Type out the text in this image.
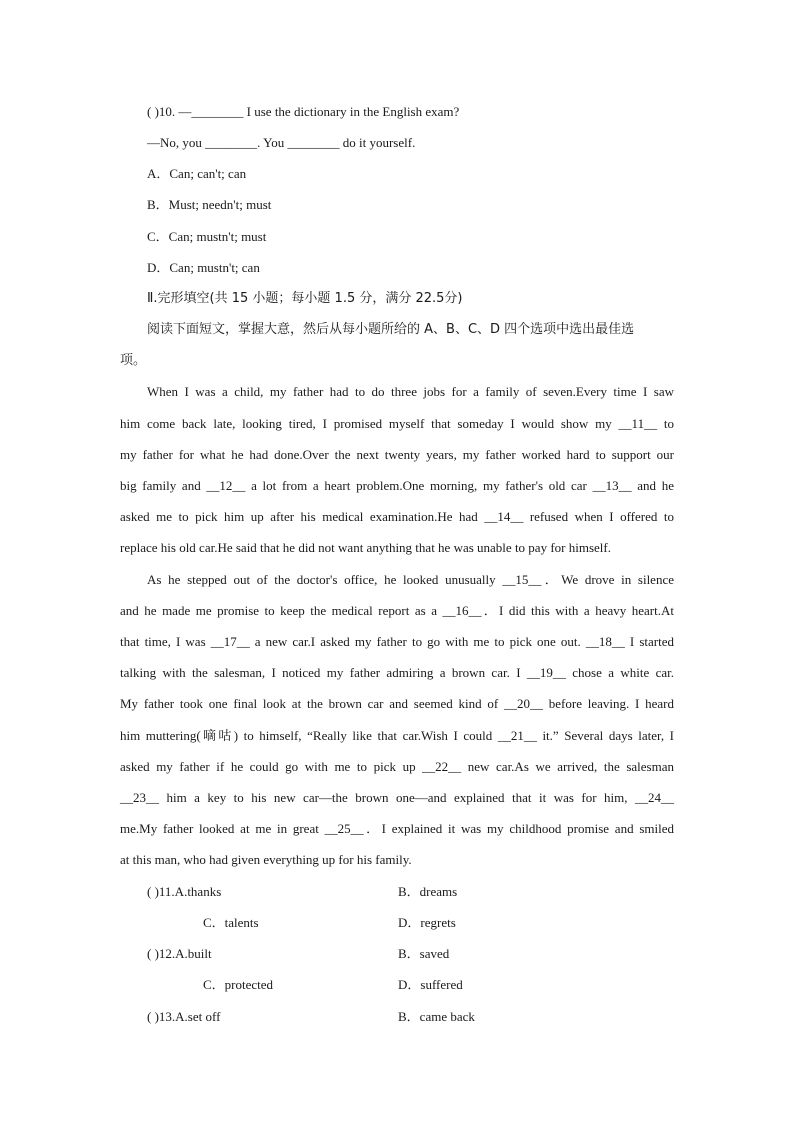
( )10. —________ I use the dictionary in the English exam?
—No, you ________. You ________ do it yourself.
A．Can; can't; can
B．Must; needn't; must
C．Can; mustn't; must
D．Can; mustn't; can
Ⅱ.完形填空(共 15 小题；每小题 1.5 分，满分 22.5分)
阅读下面短文，掌握大意，然后从每小题所给的 A、B、C、D 四个选项中选出最佳选
项。
When I was a child, my father had to do three jobs for a family of seven.Every time I saw
him come back late, looking tired, I promised myself that someday I would show my __11__ to
my father for what he had done.Over the next twenty years, my father worked hard to support our
big family and __12__ a lot from a heart problem.One morning, my father's old car __13__ and he
asked me to pick him up after his medical examination.He had __14__ refused when I offered to
replace his old car.He said that he did not want anything that he was unable to pay for himself.
As he stepped out of the doctor's office, he looked unusually __15__．We drove in silence
and he made me promise to keep the medical report as a __16__．I did this with a heavy heart.At
that time, I was __17__ a new car.I asked my father to go with me to pick one out. __18__ I started
talking with the salesman, I noticed my father admiring a brown car. I __19__ chose a white car.
My father took one final look at the brown car and seemed kind of __20__ before leaving. I heard
him muttering(嘀咕) to himself, “Really like that car.Wish I could __21__ it.” Several days later, I
asked my father if he could go with me to pick up __22__ new car.As we arrived, the salesman
__23__ him a key to his new car—the brown one—and explained that it was for him, __24__
me.My father looked at me in great __25__．I explained it was my childhood promise and smiled
at this man, who had given everything up for his family.
( )11.A.thanks	B．dreams
C．talents	D．regrets
( )12.A.built	B．saved
C．protected	D．suffered
( )13.A.set off	B．came back
